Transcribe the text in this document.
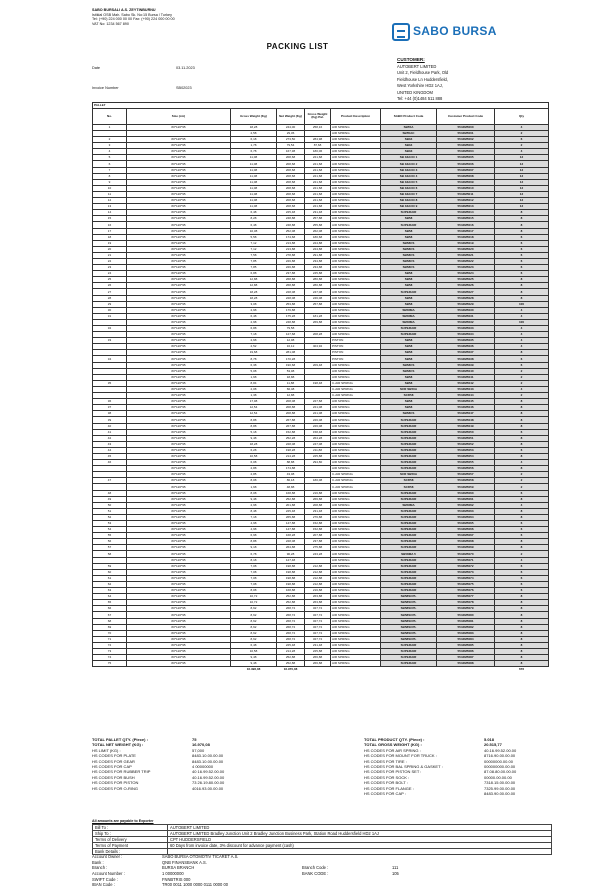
SABO BURSALI A.S. ZEYTINBURNU
Istiklal OSB Mah. Sabo Sk. No:15 Bursa / Turkey
Tel: (+90) 224 000 00 00 Fax: (+90) 224 000 00 00
VAT No: 1234 567 890
SABO BURSA
PACKING LIST
CUSTOMER:
AUTOBERT LIMITED
Unit 2, Fieldhouse Park, Old
Fieldhouse Ln Huddersfield,
West Yorkshire HD2 1AJ,
UNITED KINGDOM
Tel: +44 (0)1484 511 888
Date	03.11.2023
Invoice Number	SB02023
PALLET								
No.	Size (cm)	Gross Weight (Kg)	Net Weight (Kg)	Gross Weight (Kg) Pal.	Product Description	SABO Product Code	Customer Product Code	Qty
1	80*120*95	18,28	244,00	258,16	AIR SPRING	SB55A	5544M5000	4
		2,58	29,36		AIR SPRING	SB55AC	5544M5001	2
2	80*120*95	6,18	273,50	284,98	AIR SPRING	SB34	5544M5002	6
3	80*120*95	1,78	79,54	87,68	AIR SPRING	SB34	5544M5003	2
4	80*120*95	6,78	167,38	180,06	AIR SPRING	SB33	5544M5004	4
5	80*120*95	11,08	208,68	221,68	AIR SPRING	SB 33ACD 1	5544M5005	12
6	80*120*95	11,08	208,68	221,68	AIR SPRING	SB 33ACD 2	5544M5006	12
7	80*120*95	11,08	208,68	221,68	AIR SPRING	SB 33ACD 3	5544M5007	12
8	80*120*95	11,08	208,68	221,68	AIR SPRING	SB 33ACD 4	5544M5008	12
9	80*120*95	11,08	208,68	221,68	AIR SPRING	SB 33ACD 5	5544M5009	12
10	80*120*95	11,08	208,68	221,68	AIR SPRING	SB 33ACD 6	5544M5010	12
11	80*120*95	11,08	208,68	221,68	AIR SPRING	SB 33ACD 7	5544M5011	12
12	80*120*95	11,08	208,68	221,68	AIR SPRING	SB 33ACD 8	5544M5012	12
13	80*120*95	11,08	208,68	221,68	AIR SPRING	SB 33ACD 9	5544M5013	12
14	80*120*95	6,48	225,48	231,48	AIR SPRING	SUPERAIR	5544M5014	8
15	80*120*95	8,28	248,88	257,88	AIR SPRING	SB58	5544M5015	8
16	80*120*95	6,48	248,88	255,88	AIR SPRING	SUPERAIR	5544M5016	8
17	80*120*95	10,38	252,08	262,08	AIR SPRING	SB58	5544M5017	8
18	80*120*95	5,58	174,68	180,68	AIR SPRING	SB58	5544M5018	6
19	80*120*95	7,12	213,88	224,88	AIR SPRING	SB58CS	5544M5019	6
20	80*120*95	7,12	213,88	224,88	AIR SPRING	SB58CS	5544M5020	6
21	80*120*95	7,58	278,88	291,88	AIR SPRING	SB58CS	5544M5021	6
22	80*120*95	7,85	226,88	234,88	AIR SPRING	SB58CS	5544M5022	6
23	80*120*95	7,85	226,88	234,88	AIR SPRING	SB58CS	5544M5023	6
24	80*120*95	6,88	237,88	245,88	AIR SPRING	SB58	5544M5024	6
25	80*120*95	12,88	268,88	280,88	AIR SPRING	SB58	5544M5025	8
26	80*120*95	12,88	268,88	280,88	AIR SPRING	SB58	5544M5026	8
27	80*120*95	18,28	228,08	247,08	AIR SPRING	SUPERAIR	5544M5027	8
28	80*120*95	18,28	228,08	246,08	AIR SPRING	SB58	5544M5028	8
29	80*120*95	3,08	253,88	257,88	AIR SPRING	SB58	5544M5029	100
30	80*120*95	2,98	176,88		AIR SPRING	SB58MA	5544M5030	4
31	80*120*95	6,48	175,28	181,28	AIR SPRING	SB58MA	5544M5031	4
	80*120*95	2,98	248,88	269,88	AIR SPRING	SB58MA	5544M5032	100
32	80*120*95	6,88	79,58		AIR SPRING	SUPERAIR	5544M5033	4
	80*120*95	7,18	127,68	208,28	AIR SPRING	SUPERAIR	5544M5034	4
33	80*120*95	2,68	12,08		PISTON	SB58	5544M5035	4
	80*120*95	2,52	16,12	404,92	PISTON	SB58	5544M5036	4
	80*120*95	19,68	281,08		PISTON	SB58	5544M5037	8
34	80*120*95	8,78	170,28		PISTON	SB58	5544M5038	6
	80*120*95	6,38	190,68	209,48	AIR SPRING	SB58CS	5544M5039	6
	80*120*95	5,08	53,08		AIR SPRING	SB58CS	5544M5040	2
	80*120*95	1,68	18,88		AIR SPRING	SB58	5544M5041	2
35	80*120*95	8,84	11,88	198,48	C-AIR SPRING	SB58	5544M5042	2
	80*120*95	2,08	66,48		C-AIR SPRING	SCR SB50A	5544M5043	4
	80*120*95	1,38	12,88		C-AIR SPRING	SCR58	5544M5044	2
36	80*120*95	17,08	208,08	227,68	AIR SPRING	SB58	5544M5045	8
37	80*120*95	12,54	208,88	221,08	AIR SPRING	SB58	5544M5046	8
38	80*120*95	12,54	208,88	221,08	AIR SPRING	SB58CS	5544M5047	8
39	80*120*95	8,88	267,88	226,08	AIR SPRING	SUPERAIR	5544M5048	8
40	80*120*95	8,88	267,88	226,08	AIR SPRING	SUPERAIR	5544M5049	8
41	80*120*95	5,18	152,88	158,48	AIR SPRING	SUPERAIR	5544M5050	6
42	80*120*95	9,48	252,28	264,28	AIR SPRING	SUPERAIR	5544M5051	8
43	80*120*95	18,28	228,08	247,08	AIR SPRING	SUPERAIR	5544M5052	8
44	80*120*95	6,28	198,28	211,88	AIR SPRING	SUPERAIR	5544M5053	6
45	80*120*95	10,58	214,28	225,88	AIR SPRING	SUPERAIR	5544M5054	8
46	80*120*95	6,08	88,88	294,80	AIR SPRING	SUPERAIR	5544M5055	4
	80*120*95	2,88	174,88		AIR SPRING	SUPERAIR	5544M5056	8
	80*120*95	2,85	43,08		C-AIR SPRING	SCR SB50A	5544M5057	2
47	80*120*95	8,08	86,18	180,08	C-AIR SPRING	SCR58	5544M5058	2
	80*120*95	1,68	48,88		C-AIR SPRING	SCR58	5544M5059	2
48	80*120*95	8,08	168,88	216,88	AIR SPRING	SUPERAIR	5544M5060	6
49	80*120*95	9,48	252,88	266,88	AIR SPRING	SUPERAIR	5544M5061	8
50	80*120*95	2,98	201,88	208,88	AIR SPRING	SB58MA	5544M5062	4
51	80*120*95	8,48	225,48	231,48	AIR SPRING	SUPERAIR	5544M5063	8
52	80*120*95	7,18	265,88	276,88	AIR SPRING	SUPERAIR	5544M5064	8
53	80*120*95	4,98	147,88	152,88	AIR SPRING	SUPERAIR	5544M5065	6
54	80*120*95	4,98	147,88	152,88	AIR SPRING	SUPERAIR	5544M5066	6
55	80*120*95	6,98	168,28	207,88	AIR SPRING	SUPERAIR	5544M5067	6
56	80*120*95	8,88	228,08	237,88	AIR SPRING	SUPERAIR	5544M5068	8
57	80*120*95	9,18	264,88	275,88	AIR SPRING	SUPERAIR	5544M5069	8
58	80*120*95	6,78	90,28	243,28	AIR SPRING	SB58MA 5	5544M5070	2
	80*120*95	8,18	127,48		AIR SPRING	SUPERAIR	5544M5071	4
59	80*120*95	7,08	198,88	212,88	AIR SPRING	SUPERAIR	5544M5072	6
60	80*120*95	7,08	198,88	212,88	AIR SPRING	SUPERAIR	5544M5073	6
61	80*120*95	7,08	198,88	212,88	AIR SPRING	SUPERAIR	5544M5074	6
62	80*120*95	7,08	198,88	212,88	AIR SPRING	SUPERAIR	5544M5075	6
63	80*120*95	8,08	168,88	216,88	AIR SPRING	SUPERAIR	5544M5076	6
64	80*120*95	10,72	252,88	263,88	AIR SPRING	SB58SCPL	5544M5077	8
65	80*120*95	10,72	252,88	263,88	AIR SPRING	SB58SCPL	5544M5078	8
66	80*120*95	8,62	268,72	327,72	AIR SPRING	SB58SCPL	5544M5079	8
67	80*120*95	8,62	268,72	327,72	AIR SPRING	SB58SCPL	5544M5080	8
68	80*120*95	8,62	268,72	327,72	AIR SPRING	SB58SCPL	5544M5081	8
69	80*120*95	8,62	268,72	327,72	AIR SPRING	SB58SCPL	5544M5082	8
70	80*120*95	8,62	268,72	327,72	AIR SPRING	SB58SCPL	5544M5083	8
71	80*120*95	8,62	268,72	327,72	AIR SPRING	SB58SCPL	5544M5084	8
72	80*120*95	6,48	225,48	231,48	AIR SPRING	SUPERAIR	5544M5085	8
73	80*120*95	10,58	214,28	225,88	AIR SPRING	SUPERAIR	5544M5086	8
74	80*120*95	9,48	252,88	266,88	AIR SPRING	SUPERAIR	5544M5087	8
75	80*120*95	9,48	252,88	266,88	AIR SPRING	SUPERAIR	5544M5088	8
		16.396,08	16.970,08					676
TOTAL PALLET QTY. (Piece) :	75	TOTAL PRODUCT QTY. (Piece) :	5.018
TOTAL NET WEIGHT (KG) :	16.970,08	TOTAL GROSS WEIGHT (KG) :	20.515,77
HS LIMIT (KG) :	57,000	HS CODES FOR AIR SPRING :	40.16.99.52.00.00
HS CODES FOR PLATE	8483.10.00.00.00	HS CODES FOR MOUNT FOR TRUCK :	8716.90.00.00.00
HS CODES FOR GEAR	8483.10.00.00.00	HS CODES FOR TIRE :	00000000.00.00
HS CODES FOR CAP	4 00000000	HS CODES FOR BAL SPRING & GASKET :	000000000.00.00
HS CODES FOR RUBBER TRIP	40 16.99.52.00.00	HS CODES FOR PISTON SET :	87.08.80.00.00.00
HS CODES FOR BUSH	40.16.99.52.00.00	HS CODES FOR SOCK :	00000.00.00.00
HS CODES FOR PISTON	73 26.19.80.00.00	HS CODES FOR BOLT :	7318.15.00.00.00
HS CODES FOR O-RING	4016.93.00.00.00	HS CODES FOR FLANGE :	7325.99.00.00.00
HS CODES FOR CAP :	8483.90.00.00.00
All amounts are payable to Exporter
Bill To :	AUTOBERT LIMITED
Ship To :	AUTOBERT LIMITED Bradley Junction Unit 2 Bradley Junction Business Park, Station Road Huddersfield HD2 1AJ
Terms of Delivery	CPT HUDDERSFIELD
Terms of Payment	60 Days from invoice date, 3% discount for advance payment (cash)
Bank Details :	
Account Owner :	SABO BURSA OTOMOTIV TICARET A.S.
Bank :	QNB FINANSBANK A.S.
Branch :	BURSA BRANCH	Branch Code :	111
Account Number :	1 00000000	BANK CODE :	105
SWIFT Code :	FNNBTRIS 000
IBAN Code :	TR00 0011 1000 0000 0111 0000 00
